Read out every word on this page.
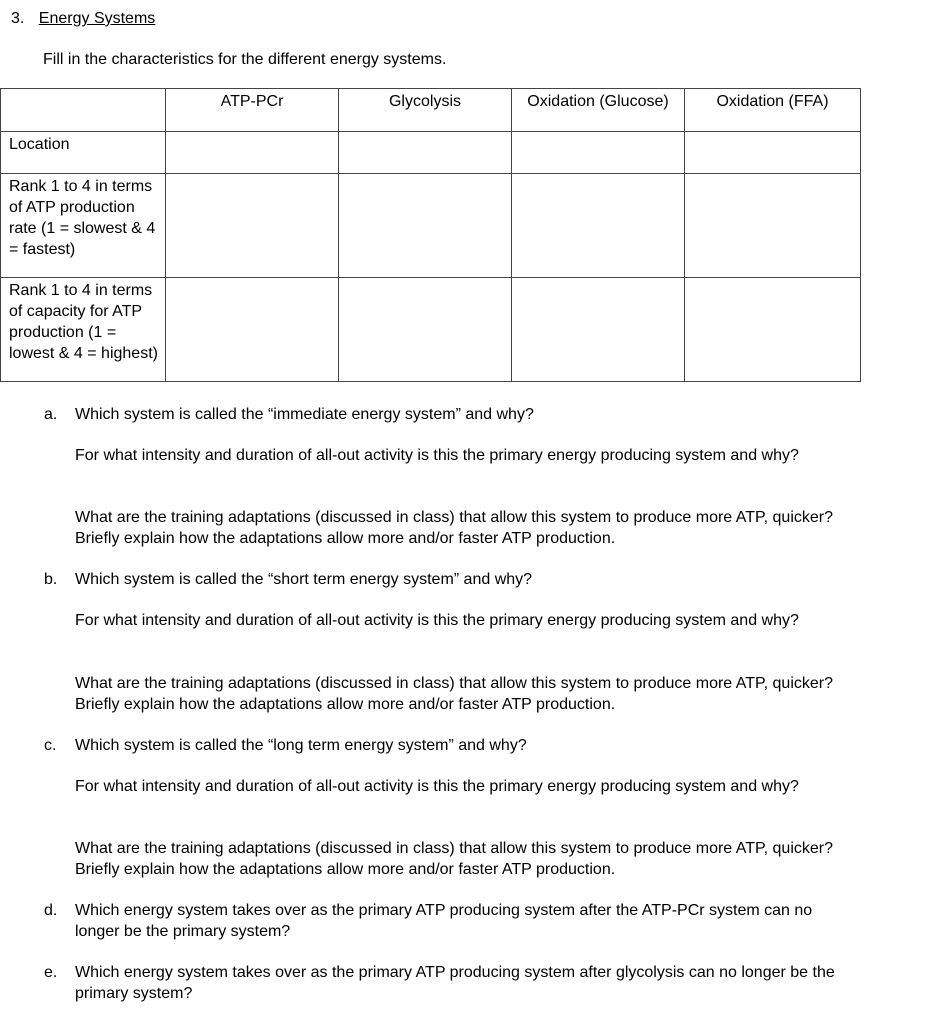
3. Energy Systems
Fill in the characteristics for the different energy systems.
	ATP-PCr	Glycolysis	Oxidation (Glucose)	Oxidation (FFA)
Location				
Rank 1 to 4 in terms of ATP production rate (1 = slowest & 4 = fastest)				
Rank 1 to 4 in terms of capacity for ATP production (1 = lowest & 4 = highest)				
a. Which system is called the “immediate energy system” and why?
For what intensity and duration of all-out activity is this the primary energy producing system and why?
What are the training adaptations (discussed in class) that allow this system to produce more ATP, quicker? Briefly explain how the adaptations allow more and/or faster ATP production.
b. Which system is called the “short term energy system” and why?
For what intensity and duration of all-out activity is this the primary energy producing system and why?
What are the training adaptations (discussed in class) that allow this system to produce more ATP, quicker? Briefly explain how the adaptations allow more and/or faster ATP production.
c. Which system is called the “long term energy system” and why?
For what intensity and duration of all-out activity is this the primary energy producing system and why?
What are the training adaptations (discussed in class) that allow this system to produce more ATP, quicker? Briefly explain how the adaptations allow more and/or faster ATP production.
d. Which energy system takes over as the primary ATP producing system after the ATP-PCr system can no longer be the primary system?
e. Which energy system takes over as the primary ATP producing system after glycolysis can no longer be the primary system?
